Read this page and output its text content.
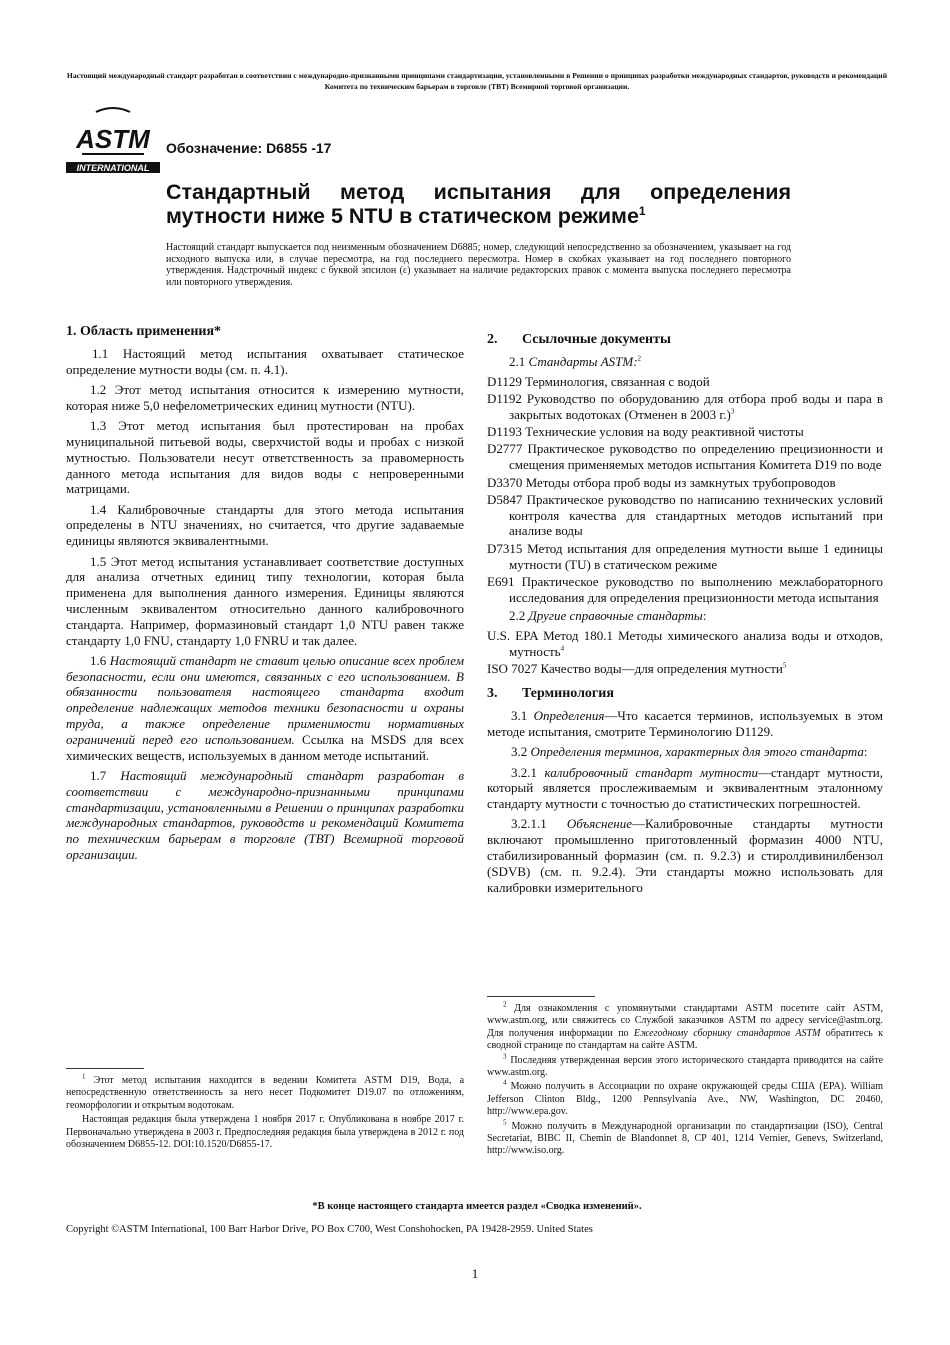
Настоящий международный стандарт разработан в соответствии с международно-признанными принципами стандартизации, установленными в Решении о принципах разработки международных стандартов, руководств и рекомендаций Комитета по техническим барьерам в торговле (ТВТ) Всемирной торговой организации.
ASTM
INTERNATIONAL
Обозначение: D6855 -17
Стандартный метод испытания для определения мутности ниже 5 NTU в статическом режиме$^1$
Настоящий стандарт выпускается под неизменным обозначением D6885; номер, следующий непосредственно за обозначением, указывает на год исходного выпуска или, в случае пересмотра, на год последнего пересмотра. Номер в скобках указывает на год последнего повторного утверждения. Надстрочный индекс с буквой эпсилон (ε) указывает на наличие редакторских правок с момента выпуска последнего пересмотра или повторного утверждения.
1. Область применения*

1.1 Настоящий метод испытания охватывает статическое определение мутности воды (см. п. 4.1).

1.2 Этот метод испытания относится к измерению мутности, которая ниже 5,0 нефелометрических единиц мутности (NTU).

1.3 Этот метод испытания был протестирован на пробах муниципальной питьевой воды, сверхчистой воды и пробах с низкой мутностью. Пользователи несут ответственность за правомерность данного метода испытания для видов воды с непроверенными матрицами.

1.4 Калибровочные стандарты для этого метода испытания определены в NTU значениях, но считается, что другие задаваемые единицы являются эквивалентными.

1.5 Этот метод испытания устанавливает соответствие доступных для анализа отчетных единиц типу технологии, которая была применена для выполнения данного измерения. Единицы являются численным эквивалентом относительно данного калибровочного стандарта. Например, формазиновый стандарт 1,0 NTU равен также стандарту 1,0 FNU, стандарту 1,0 FNRU и так далее.

1.6 Настоящий стандарт не ставит целью описание всех проблем безопасности, если они имеются, связанных с его использованием. В обязанности пользователя настоящего стандарта входит определение надлежащих методов техники безопасности и охраны труда, а также определение применимости нормативных ограничений перед его использованием. Ссылка на MSDS для всех химических веществ, используемых в данном методе испытаний.

1.7 Настоящий международный стандарт разработан в соответствии с международно-признанными принципами стандартизации, установленными в Решении о принципах разработки международных стандартов, руководств и рекомендаций Комитета по техническим барьерам в торговле (ТВТ) Всемирной торговой организации.

$^1$ Этот метод испытания находится в ведении Комитета ASTM D19, Вода, а непосредственную ответственность за него несет Подкомитет D19.07 по отложениям, геоморфологии и открытым водотокам.

Настоящая редакция была утверждена 1 ноября 2017 г. Опубликована в ноябре 2017 г. Первоначально утверждена в 2003 г. Предпоследняя редакция была утверждена в 2012 г. под обозначением D6855-12. DOI:10.1520/D6855-17.

2. Ссылочные документы

2.1 Стандарты ASTM:$^2$

D1129 Терминология, связанная с водой

D1192 Руководство по оборудованию для отбора проб воды и пара в закрытых водотоках (Отменен в 2003 г.)$^3$

D1193 Технические условия на воду реактивной чистоты

D2777 Практическое руководство по определению прецизионности и смещения применяемых методов испытания Комитета D19 по воде

D3370 Методы отбора проб воды из замкнутых трубопроводов

D5847 Практическое руководство по написанию технических условий контроля качества для стандартных методов испытаний при анализе воды

D7315 Метод испытания для определения мутности выше 1 единицы мутности (TU) в статическом режиме

E691 Практическое руководство по выполнению межлабораторного исследования для определения прецизионности метода испытания

2.2 Другие справочные стандарты:

U.S. EPA Метод 180.1 Методы химического анализа воды и отходов, мутность$^4$

ISO 7027 Качество воды—для определения мутности$^5$

3. Терминология

3.1 Определения—Что касается терминов, используемых в этом методе испытания, смотрите Терминологию D1129.

3.2 Определения терминов, характерных для этого стандарта:

3.2.1 калибровочный стандарт мутности—стандарт мутности, который является прослеживаемым и эквивалентным эталонному стандарту мутности с точностью до статистических погрешностей.

3.2.1.1 Объяснение—Калибровочные стандарты мутности включают промышленно приготовленный формазин 4000 NTU, стабилизированный формазин (см. п. 9.2.3) и стиролдивинилбензол (SDVB) (см. п. 9.2.4). Эти стандарты можно использовать для калибровки измерительного

$^2$ Для ознакомления с упомянутыми стандартами ASTM посетите сайт ASTM, www.astm.org, или свяжитесь со Службой заказчиков ASTM по адресу service@astm.org. Для получения информации по Ежегодному сборнику стандартов ASTM обратитесь к сводной странице по стандартам на сайте ASTM.

$^3$ Последняя утвержденная версия этого исторического стандарта приводится на сайте www.astm.org.

$^4$ Можно получить в Ассоциации по охране окружающей среды США (EPA). William Jefferson Clinton Bldg., 1200 Pennsylvania Ave., NW, Washington, DC 20460, http://www.epa.gov.

$^5$ Можно получить в Международной организации по стандартизации (ISO), Central Secretariat, BIBC II, Chemin de Blandonnet 8, CP 401, 1214 Vernier, Genevs, Switzerland, http://www.iso.org.

*В конце настоящего стандарта имеется раздел «Сводка изменений».
Copyright ©ASTM International, 100 Barr Harbor Drive, PO Box C700, West Conshohocken, PA 19428-2959. United States
1
